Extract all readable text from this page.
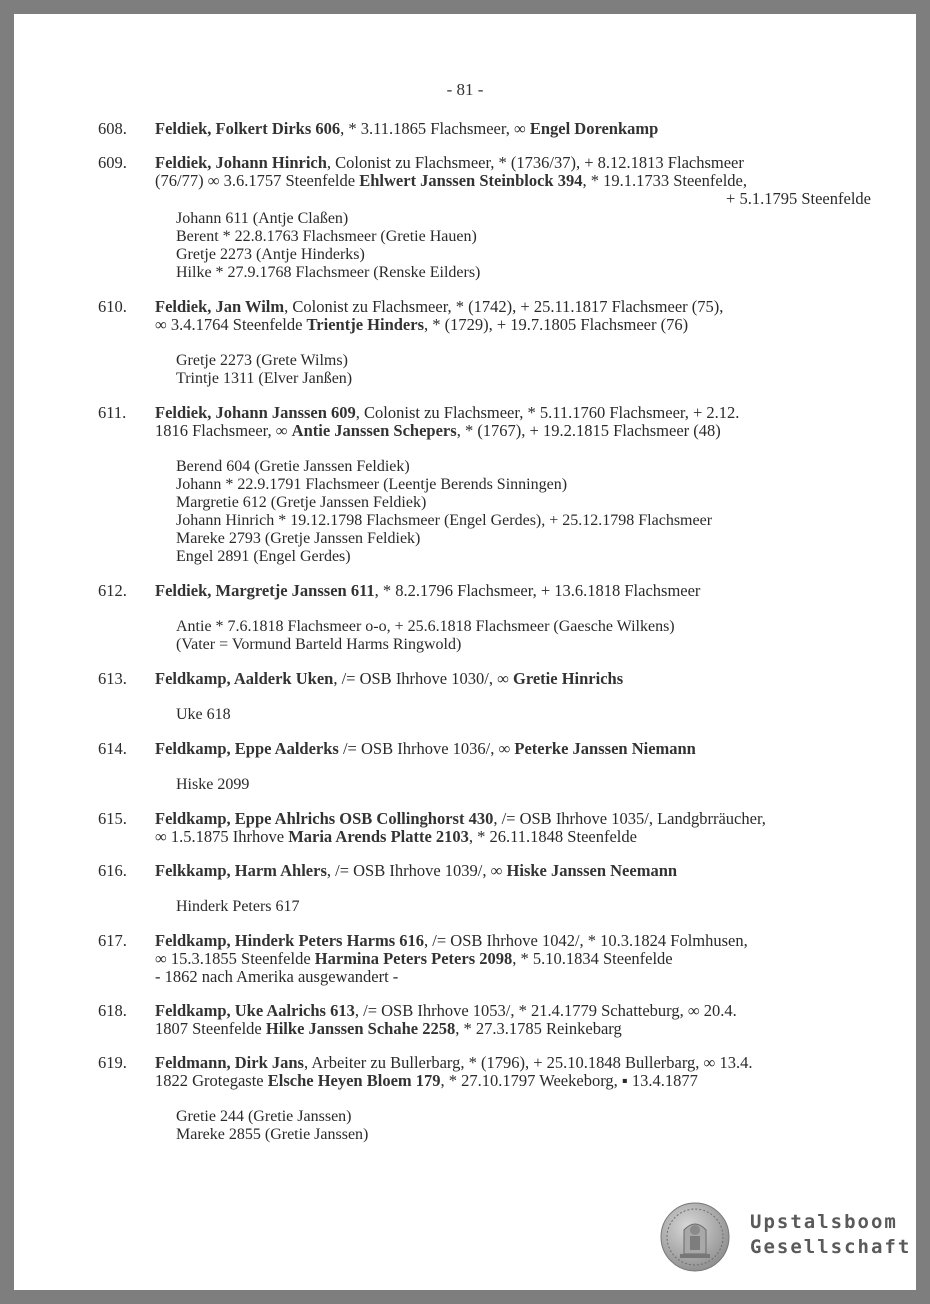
- 81 -
608. Feldiek, Folkert Dirks 606, * 3.11.1865 Flachsmeer, ∞ Engel Dorenkamp
609. Feldiek, Johann Hinrich, Colonist zu Flachsmeer, * (1736/37), + 8.12.1813 Flachsmeer
(76/77) ∞ 3.6.1757 Steenfelde Ehlwert Janssen Steinblock 394, * 19.1.1733 Steenfelde,
+ 5.1.1795 Steenfelde
Johann 611 (Antje Claßen)
Berent * 22.8.1763 Flachsmeer (Gretie Hauen)
Gretje 2273 (Antje Hinderks)
Hilke * 27.9.1768 Flachsmeer (Renske Eilders)
610. Feldiek, Jan Wilm, Colonist zu Flachsmeer, * (1742), + 25.11.1817 Flachsmeer (75),
∞ 3.4.1764 Steenfelde Trientje Hinders, * (1729), + 19.7.1805 Flachsmeer (76)
Gretje 2273 (Grete Wilms)
Trintje 1311 (Elver Janßen)
611. Feldiek, Johann Janssen 609, Colonist zu Flachsmeer, * 5.11.1760 Flachsmeer, + 2.12.
1816 Flachsmeer, ∞ Antie Janssen Schepers, * (1767), + 19.2.1815 Flachsmeer (48)
Berend 604 (Gretie Janssen Feldiek)
Johann * 22.9.1791 Flachsmeer (Leentje Berends Sinningen)
Margretie 612 (Gretje Janssen Feldiek)
Johann Hinrich * 19.12.1798 Flachsmeer (Engel Gerdes), + 25.12.1798 Flachsmeer
Mareke 2793 (Gretje Janssen Feldiek)
Engel 2891 (Engel Gerdes)
612. Feldiek, Margretje Janssen 611, * 8.2.1796 Flachsmeer, + 13.6.1818 Flachsmeer
Antie * 7.6.1818 Flachsmeer o-o, + 25.6.1818 Flachsmeer (Gaesche Wilkens)
(Vater = Vormund Barteld Harms Ringwold)
613. Feldkamp, Aalderk Uken, /= OSB Ihrhove 1030/, ∞ Gretie Hinrichs
Uke 618
614. Feldkamp, Eppe Aalderks /= OSB Ihrhove 1036/, ∞ Peterke Janssen Niemann
Hiske 2099
615. Feldkamp, Eppe Ahlrichs OSB Collinghorst 430, /= OSB Ihrhove 1035/, Landgbrräucher,
∞ 1.5.1875 Ihrhove Maria Arends Platte 2103, * 26.11.1848 Steenfelde
616. Felkkamp, Harm Ahlers, /= OSB Ihrhove 1039/, ∞ Hiske Janssen Neemann
Hinderk Peters 617
617. Feldkamp, Hinderk Peters Harms 616, /= OSB Ihrhove 1042/, * 10.3.1824 Folmhusen,
∞ 15.3.1855 Steenfelde Harmina Peters Peters 2098, * 5.10.1834 Steenfelde
- 1862 nach Amerika ausgewandert -
618. Feldkamp, Uke Aalrichs 613, /= OSB Ihrhove 1053/, * 21.4.1779 Schatteburg, ∞ 20.4.
1807 Steenfelde Hilke Janssen Schahe 2258, * 27.3.1785 Reinkebarg
619. Feldmann, Dirk Jans, Arbeiter zu Bullerbarg, * (1796), + 25.10.1848 Bullerbarg, ∞ 13.4.
1822 Grotegaste Elsche Heyen Bloem 179, * 27.10.1797 Weekeborg, ▪ 13.4.1877
Gretie 244 (Gretie Janssen)
Mareke 2855 (Gretie Janssen)
Upstalsboom
Gesellschaft
